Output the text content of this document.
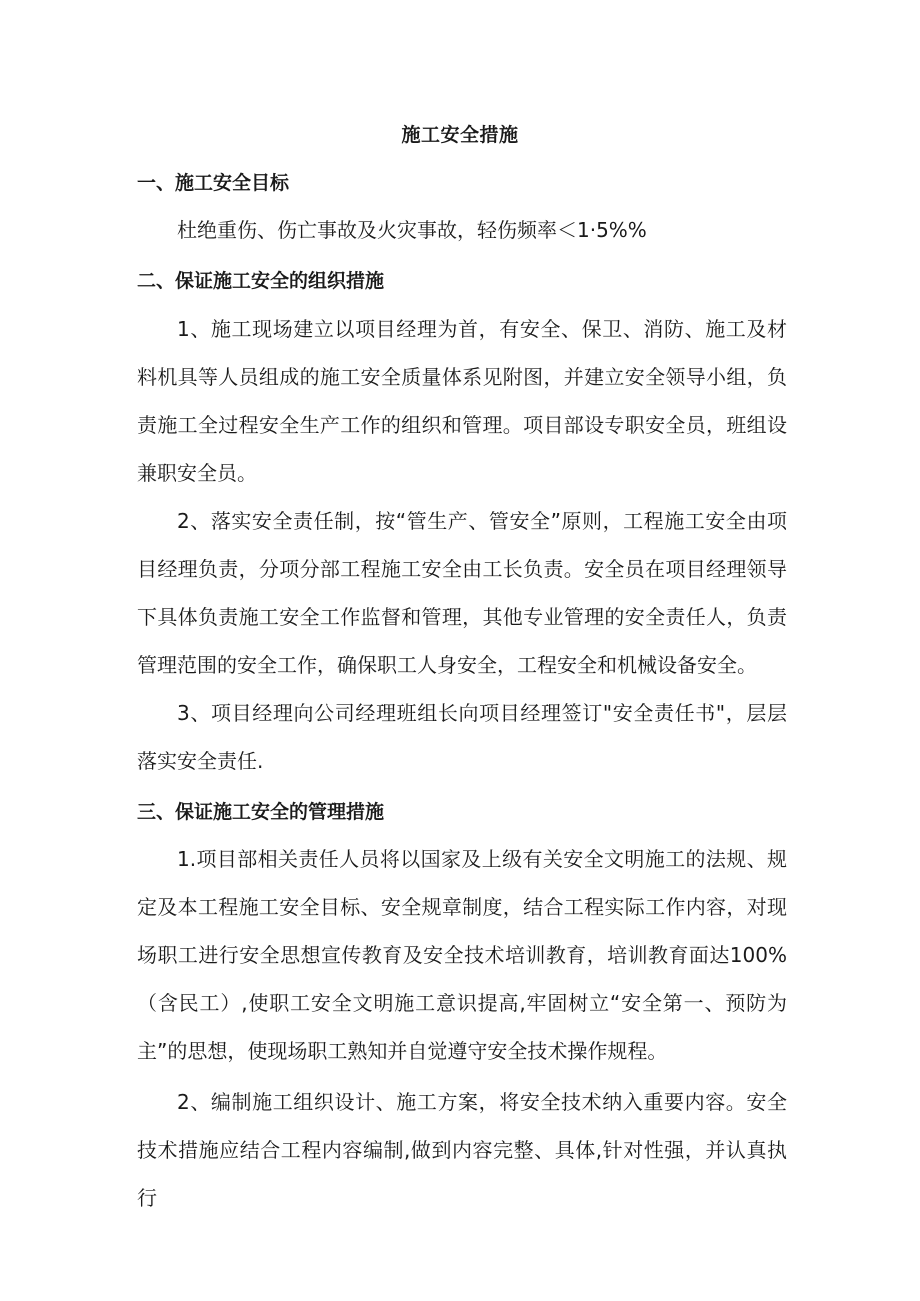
施工安全措施
一、施工安全目标

杜绝重伤、伤亡事故及火灾事故，轻伤频率＜1·5%%

二、保证施工安全的组织措施

1、施工现场建立以项目经理为首，有安全、保卫、消防、施工及材料机具等人员组成的施工安全质量体系见附图，并建立安全领导小组，负责施工全过程安全生产工作的组织和管理。项目部设专职安全员，班组设兼职安全员。

2、落实安全责任制，按“管生产、管安全”原则，工程施工安全由项目经理负责，分项分部工程施工安全由工长负责。安全员在项目经理领导下具体负责施工安全工作监督和管理，其他专业管理的安全责任人，负责管理范围的安全工作，确保职工人身安全，工程安全和机械设备安全。

3、项目经理向公司经理班组长向项目经理签订"安全责任书"，层层落实安全责任.

三、保证施工安全的管理措施

1.项目部相关责任人员将以国家及上级有关安全文明施工的法规、规定及本工程施工安全目标、安全规章制度，结合工程实际工作内容，对现场职工进行安全思想宣传教育及安全技术培训教育，培训教育面达100%（含民工）,使职工安全文明施工意识提高,牢固树立“安全第一、预防为主”的思想，使现场职工熟知并自觉遵守安全技术操作规程。

2、编制施工组织设计、施工方案，将安全技术纳入重要内容。安全技术措施应结合工程内容编制,做到内容完整、具体,针对性强，并认真执行
